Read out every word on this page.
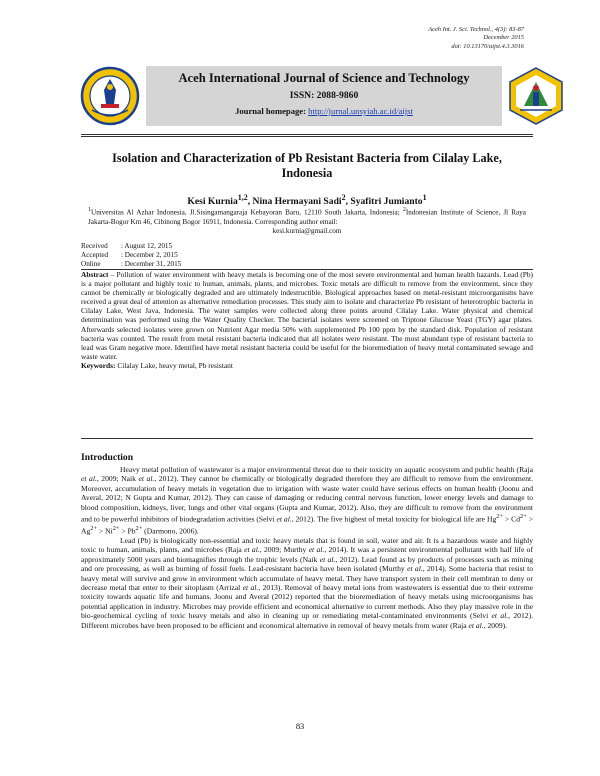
Aceh Int. J. Sci. Technol., 4(3): 83-87
December 2015
doi: 10.13170/aijst.4.3.3016
Aceh International Journal of Science and Technology
ISSN: 2088-9860
Journal homepage: http://jurnal.unsyiah.ac.id/aijst
Isolation and Characterization of Pb Resistant Bacteria from Cilalay Lake,
Indonesia
Kesi Kurnia$^{1,2}$, Nina Hermayani Sadi$^2$, Syafitri Jumianto$^1$
$^1$Universitas Al Azhar Indonesia, Jl.Sisingamangaraja Kebayoran Baru, 12110 South Jakarta, Indonesia; $^2$Indonesian Institute of Science, Jl Raya Jakarta-Bogor Km 46, Cibinong Bogor 16911, Indonesia. Corresponding author email:
kesi.kurnia@gmail.com
Received : August 12, 2015
Accepted : December 2, 2015
Online	: December 31, 2015
Abstract – Pollution of water environment with heavy metals is becoming one of the most severe environmental and human health hazards. Lead (Pb) is a major pollutant and highly toxic to human, animals, plants, and microbes. Toxic metals are difficult to remove from the environment, since they cannot be chemically or biologically degraded and are ultimately indestructible. Biological approaches based on metal-resistant microorganisms have received a great deal of attention as alternative remediation processes. This study aim to isolate and characterize Pb resistant of heterotrophic bacteria in Cilalay Lake, West Java, Indonesia. The water samples were collected along three points around Cilalay Lake. Water physical and chemical determination was performed using the Water Quality Checker. The bacterial isolates were screened on Triptone Glucose Yeast (TGY) agar plates. Afterwards selected isolates were grown on Nutrient Agar media 50% with supplemented Pb 100 ppm by the standard disk. Population of resistant bacteria was counted. The result from metal resistant bacteria indicated that all isolates were resistant. The most abundant type of resistant bacteria to lead was Gram negative more. Identified have metal resistant bacteria could be useful for the bioremediation of heavy metal contaminated sewage and waste water.
Keywords: Cilalay Lake, heavy metal, Pb resistant
Introduction

Heavy metal pollution of wastewater is a major environmental threat due to their toxicity on aquatic ecosystem and public health (Raja et al., 2009; Naik et al., 2012). They cannot be chemically or biologically degraded therefore they are difficult to remove from the environment. Moreover, accumulation of heavy metals in vegetation due to irrigation with waste water could have serious effects on human health (Joonu and Averal, 2012; N Gupta and Kumar, 2012). They can cause of damaging or reducing central nervous function, lower energy levels and damage to blood composition, kidneys, liver, lungs and other vital organs (Gupta and Kumar, 2012). Also, they are difficult to remove from the environment and to be powerful inhibitors of biodegradation activities (Selvi et al., 2012). The five highest of metal toxicity for biological life are $Hg^{2+} > Cd^{2+} > Ag^{2+} > Ni^{2+} > Pb^{2+}$ (Darmono, 2006).

Lead (Pb) is biologically non-essential and toxic heavy metals that is found in soil, water and air. It is a hazardous waste and highly toxic to human, animals, plants, and microbes (Raja et al., 2009; Murthy et al., 2014). It was a persistent environmental pollutant with half life of approximately 5000 years and biomagnifies through the trophic levels (Naik et al., 2012). Lead found as by products of processes such as mining and ore processing, as well as burning of fossil fuels. Lead-resistant bacteria have been isolated (Murthy et al., 2014). Some bacteria that resist to heavy metal will survive and grow in environment which accumulate of heavy metal. They have transport system in their cell membran to deny or decrease metal that enter to their sitoplasm (Arrizal et al., 2013). Removal of heavy metal ions from wastewaters is essential due to their extreme toxicity towards aquatic life and humans. Joonu and Averal (2012) reported that the bioremediation of heavy metals using microorganisms has potential application in industry. Microbes may provide efficient and economical alternative to current methods. Also they play massive role in the bio-geochemical cycling of toxic heavy metals and also in cleaning up or remediating metal-contaminated environments (Selvi et al., 2012). Different microbes have been proposed to be efficient and economical alternative in removal of heavy metals from water (Raja et al., 2009).

83
